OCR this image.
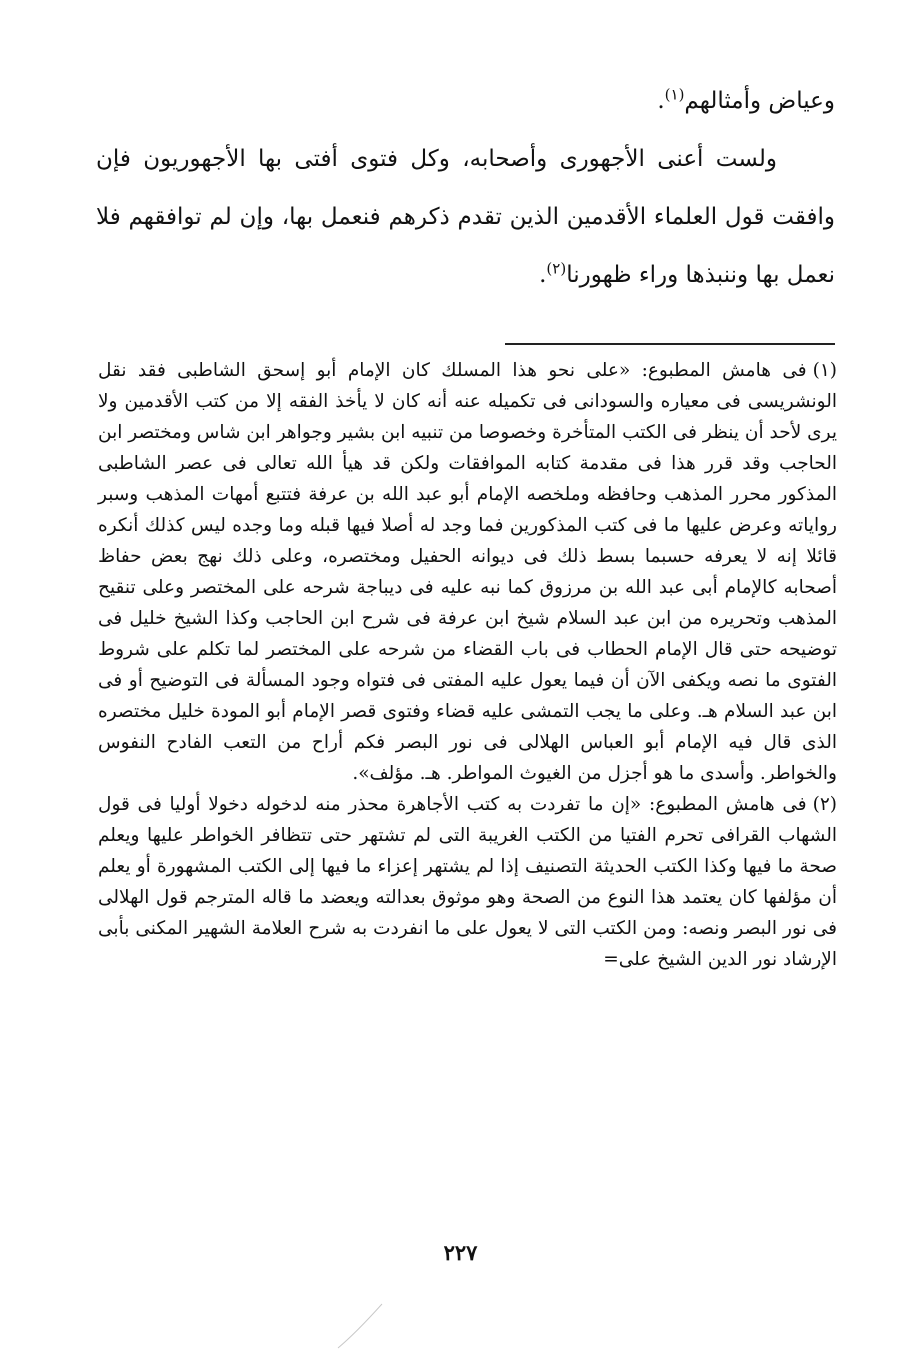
وعياض وأمثالهم$^{(١)}$.

ولست أعنى الأجهورى وأصحابه، وكل فتوى أفتى بها الأجهوريون فإن وافقت قول العلماء الأقدمين الذين تقدم ذكرهم فنعمل بها، وإن لم توافقهم فلا نعمل بها وننبذها وراء ظهورنا$^{(٢)}$.

(١)فى هامش المطبوع: «على نحو هذا المسلك كان الإمام أبو إسحق الشاطبى فقد نقل الونشريسى فى معياره والسودانى فى تكميله عنه أنه كان لا يأخذ الفقه إلا من كتب الأقدمين ولا يرى لأحد أن ينظر فى الكتب المتأخرة وخصوصا من تنبيه ابن بشير وجواهر ابن شاس ومختصر ابن الحاجب وقد قرر هذا فى مقدمة كتابه الموافقات ولكن قد هيأ الله تعالى فى عصر الشاطبى المذكور محرر المذهب وحافظه وملخصه الإمام أبو عبد الله بن عرفة فتتبع أمهات المذهب وسبر رواياته وعرض عليها ما فى كتب المذكورين فما وجد له أصلا فيها قبله وما وجده ليس كذلك أنكره قائلا إنه لا يعرفه حسبما بسط ذلك فى ديوانه الحفيل ومختصره، وعلى ذلك نهج بعض حفاظ أصحابه كالإمام أبى عبد الله بن مرزوق كما نبه عليه فى ديباجة شرحه على المختصر وعلى تنقيح المذهب وتحريره من ابن عبد السلام شيخ ابن عرفة فى شرح ابن الحاجب وكذا الشيخ خليل فى توضيحه حتى قال الإمام الحطاب فى باب القضاء من شرحه على المختصر لما تكلم على شروط الفتوى ما نصه ويكفى الآن أن فيما يعول عليه المفتى فى فتواه وجود المسألة فى التوضيح أو فى ابن عبد السلام هـ. وعلى ما يجب التمشى عليه قضاء وفتوى قصر الإمام أبو المودة خليل مختصره الذى قال فيه الإمام أبو العباس الهلالى فى نور البصر فكم أراح من التعب الفادح النفوس والخواطر. وأسدى ما هو أجزل من الغيوث المواطر. هـ. مؤلف».

(٢)فى هامش المطبوع: «إن ما تفردت به كتب الأجاهرة محذر منه لدخوله دخولا أوليا فى قول الشهاب القرافى تحرم الفتيا من الكتب الغريبة التى لم تشتهر حتى تتظافر الخواطر عليها ويعلم صحة ما فيها وكذا الكتب الحديثة التصنيف إذا لم يشتهر إعزاء ما فيها إلى الكتب المشهورة أو يعلم أن مؤلفها كان يعتمد هذا النوع من الصحة وهو موثوق بعدالته ويعضد ما قاله المترجم قول الهلالى فى نور البصر ونصه: ومن الكتب التى لا يعول على ما انفردت به شرح العلامة الشهير المكنى بأبى الإرشاد نور الدين الشيخ على=

٢٢٧
